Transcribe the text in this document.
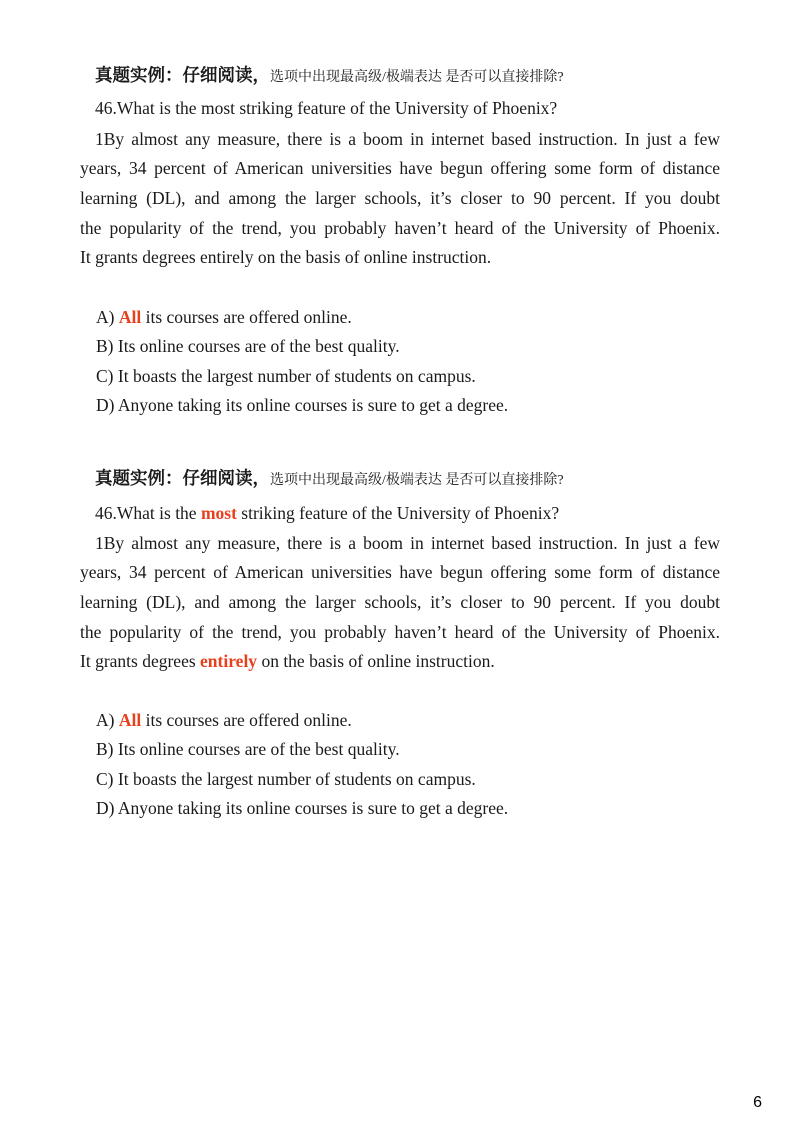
真题实例：仔细阅读，选项中出现最高级/极端表达 是否可以直接排除?
46.What is the most striking feature of the University of Phoenix?
1By almost any measure, there is a boom in internet based instruction. In just a few
years, 34 percent of American universities have begun offering some form of distance
learning (DL), and among the larger schools, it’s closer to 90 percent. If you doubt
the popularity of the trend, you probably haven’t heard of the University of Phoenix.
It grants degrees entirely on the basis of online instruction.
A) All its courses are offered online.
B) Its online courses are of the best quality.
C) It boasts the largest number of students on campus.
D) Anyone taking its online courses is sure to get a degree.
真题实例：仔细阅读，选项中出现最高级/极端表达 是否可以直接排除?
46.What is the most striking feature of the University of Phoenix?
1By almost any measure, there is a boom in internet based instruction. In just a few
years, 34 percent of American universities have begun offering some form of distance
learning (DL), and among the larger schools, it’s closer to 90 percent. If you doubt
the popularity of the trend, you probably haven’t heard of the University of Phoenix.
It grants degrees entirely on the basis of online instruction.
A) All its courses are offered online.
B) Its online courses are of the best quality.
C) It boasts the largest number of students on campus.
D) Anyone taking its online courses is sure to get a degree.
6
